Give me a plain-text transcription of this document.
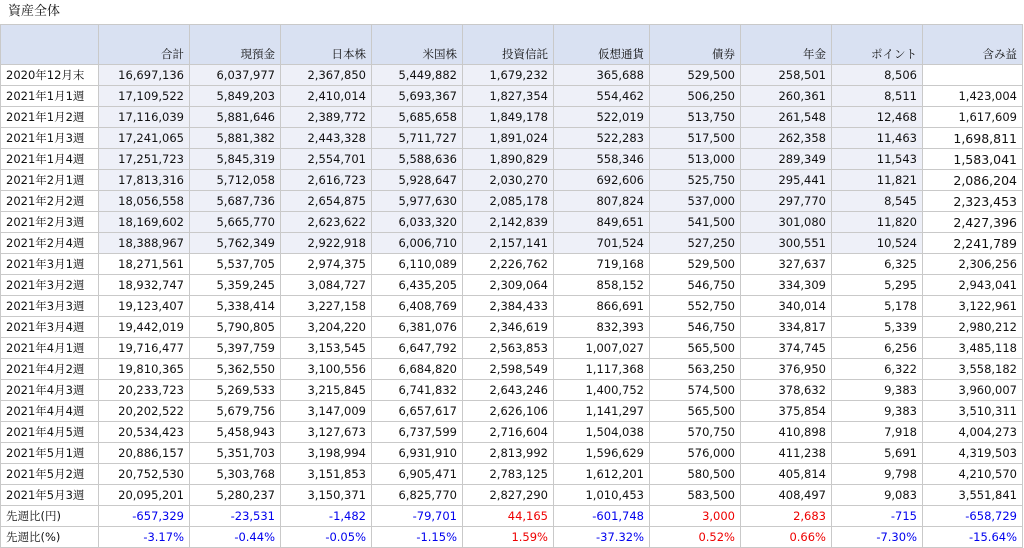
資産全体
	合計	現預金	日本株	米国株	投資信託	仮想通貨	債券	年金	ポイント	含み益
2020年12月末	16,697,136	6,037,977	2,367,850	5,449,882	1,679,232	365,688	529,500	258,501	8,506	
2021年1月1週	17,109,522	5,849,203	2,410,014	5,693,367	1,827,354	554,462	506,250	260,361	8,511	1,423,004
2021年1月2週	17,116,039	5,881,646	2,389,772	5,685,658	1,849,178	522,019	513,750	261,548	12,468	1,617,609
2021年1月3週	17,241,065	5,881,382	2,443,328	5,711,727	1,891,024	522,283	517,500	262,358	11,463	1,698,811
2021年1月4週	17,251,723	5,845,319	2,554,701	5,588,636	1,890,829	558,346	513,000	289,349	11,543	1,583,041
2021年2月1週	17,813,316	5,712,058	2,616,723	5,928,647	2,030,270	692,606	525,750	295,441	11,821	2,086,204
2021年2月2週	18,056,558	5,687,736	2,654,875	5,977,630	2,085,178	807,824	537,000	297,770	8,545	2,323,453
2021年2月3週	18,169,602	5,665,770	2,623,622	6,033,320	2,142,839	849,651	541,500	301,080	11,820	2,427,396
2021年2月4週	18,388,967	5,762,349	2,922,918	6,006,710	2,157,141	701,524	527,250	300,551	10,524	2,241,789
2021年3月1週	18,271,561	5,537,705	2,974,375	6,110,089	2,226,762	719,168	529,500	327,637	6,325	2,306,256
2021年3月2週	18,932,747	5,359,245	3,084,727	6,435,205	2,309,064	858,152	546,750	334,309	5,295	2,943,041
2021年3月3週	19,123,407	5,338,414	3,227,158	6,408,769	2,384,433	866,691	552,750	340,014	5,178	3,122,961
2021年3月4週	19,442,019	5,790,805	3,204,220	6,381,076	2,346,619	832,393	546,750	334,817	5,339	2,980,212
2021年4月1週	19,716,477	5,397,759	3,153,545	6,647,792	2,563,853	1,007,027	565,500	374,745	6,256	3,485,118
2021年4月2週	19,810,365	5,362,550	3,100,556	6,684,820	2,598,549	1,117,368	563,250	376,950	6,322	3,558,182
2021年4月3週	20,233,723	5,269,533	3,215,845	6,741,832	2,643,246	1,400,752	574,500	378,632	9,383	3,960,007
2021年4月4週	20,202,522	5,679,756	3,147,009	6,657,617	2,626,106	1,141,297	565,500	375,854	9,383	3,510,311
2021年4月5週	20,534,423	5,458,943	3,127,673	6,737,599	2,716,604	1,504,038	570,750	410,898	7,918	4,004,273
2021年5月1週	20,886,157	5,351,703	3,198,994	6,931,910	2,813,992	1,596,629	576,000	411,238	5,691	4,319,503
2021年5月2週	20,752,530	5,303,768	3,151,853	6,905,471	2,783,125	1,612,201	580,500	405,814	9,798	4,210,570
2021年5月3週	20,095,201	5,280,237	3,150,371	6,825,770	2,827,290	1,010,453	583,500	408,497	9,083	3,551,841
先週比(円)	-657,329	-23,531	-1,482	-79,701	44,165	-601,748	3,000	2,683	-715	-658,729
先週比(%)	-3.17%	-0.44%	-0.05%	-1.15%	1.59%	-37.32%	0.52%	0.66%	-7.30%	-15.64%
